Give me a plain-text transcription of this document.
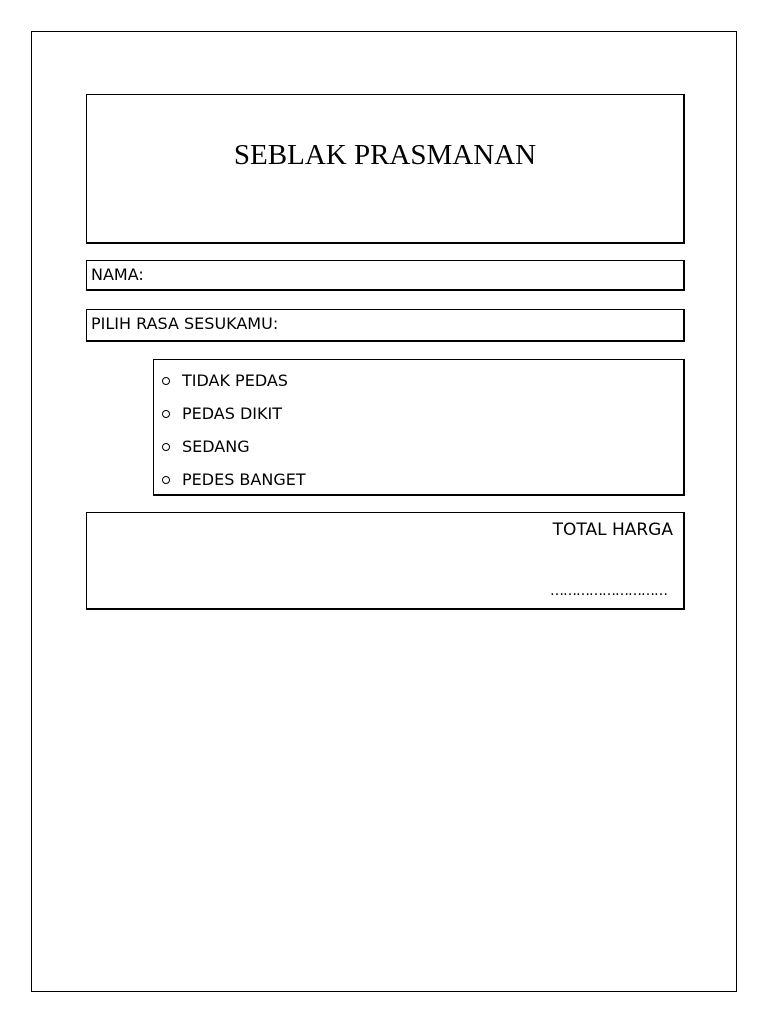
SEBLAK PRASMANAN
NAMA:
PILIH RASA SESUKAMU:
TIDAK PEDAS
PEDAS DIKIT
SEDANG
PEDES BANGET
TOTAL HARGA
………………………
